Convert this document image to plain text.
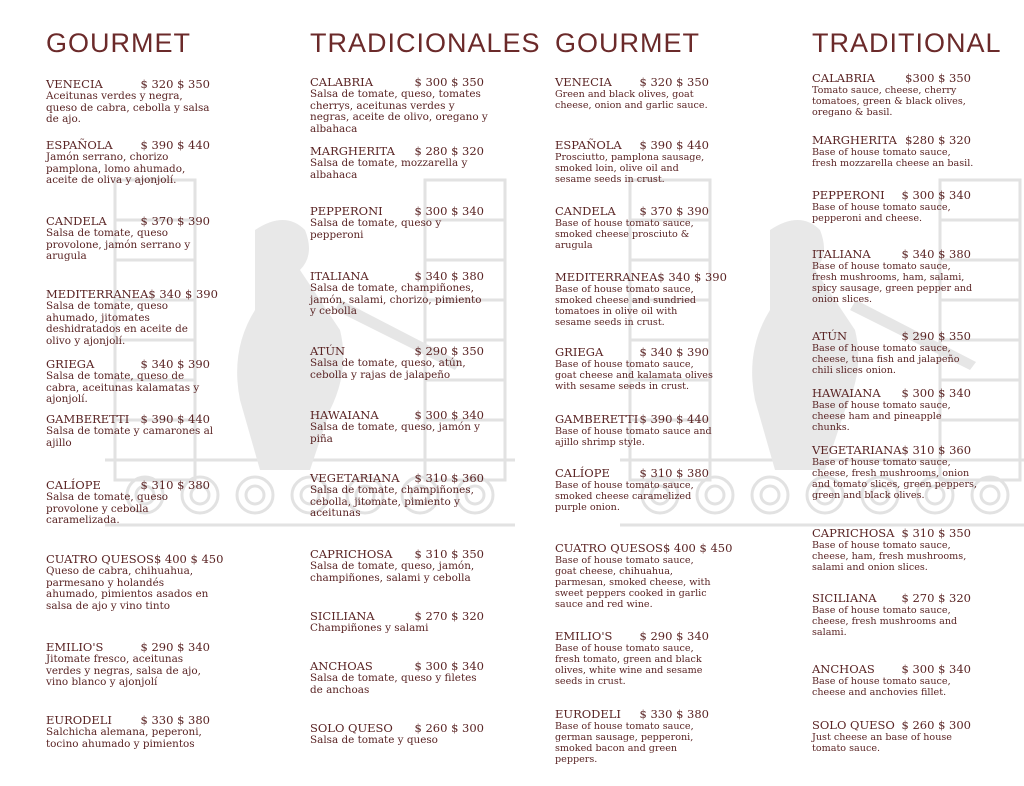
GOURMET
VENECIA	$ 320 $ 350
Aceitunas verdes y negra, queso de cabra, cebolla y salsa de ajo.
ESPAÑOLA $ 390 $ 440
Jamón serrano, chorizo pamplona, lomo ahumado, aceite de oliva y ajonjolí.
CANDELA	$ 370 $ 390
Salsa de tomate, queso provolone, jamón serrano y arugula
MEDITERRANEA $ 340 $ 390
Salsa de tomate, queso ahumado, jitomates deshidratados en aceite de olivo y ajonjolí.
GRIEGA	$ 340 $ 390
Salsa de tomate, queso de cabra, aceitunas kalamatas y ajonjolí.
GAMBERETTI $ 390 $ 440
Salsa de tomate y camarones al ajillo
CALÍOPE	$ 310 $ 380
Salsa de tomate, queso provolone y cebolla caramelizada.
CUATRO QUESOS $ 400 $ 450
Queso de cabra, chihuahua, parmesano y holandés ahumado, pimientos asados en salsa de ajo y vino tinto
EMILIO'S	$ 290 $ 340
Jitomate fresco, aceitunas verdes y negras, salsa de ajo, vino blanco y ajonjolí
EURODELI $ 330 $ 380
Salchicha alemana, peperoni, tocino ahumado y pimientos
TRADICIONALES
CALABRIA	$ 300 $ 350
Salsa de tomate, queso, tomates cherrys, aceitunas verdes y negras, aceite de olivo, oregano y albahaca
MARGHERITA $ 280 $ 320
Salsa de tomate, mozzarella y albahaca
PEPPERONI	$ 300 $ 340
Salsa de tomate, queso y pepperoni
ITALIANA	$ 340 $ 380
Salsa de tomate, champiñones, jamón, salami, chorizo, pimiento y cebolla
ATÚN	$ 290 $ 350
Salsa de tomate, queso, atún, cebolla y rajas de jalapeño
HAWAIANA	$ 300 $ 340
Salsa de tomate, queso, jamón y piña
VEGETARIANA $ 310 $ 360
Salsa de tomate, champiñones, cebolla, jitomate, pimiento y aceitunas
CAPRICHOSA $ 310 $ 350
Salsa de tomate, queso, jamón, champiñones, salami y cebolla
SICILIANA	$ 270 $ 320
Champiñones y salami
ANCHOAS	$ 300 $ 340
Salsa de tomate, queso y filetes de anchoas
SOLO QUESO $ 260 $ 300
Salsa de tomate y queso
GOURMET
VENECIA $ 320 $ 350
Green and black olives, goat cheese, onion and garlic sauce.
ESPAÑOLA $ 390 $ 440
Prosciutto, pamplona sausage, smoked loin, olive oil and sesame seeds in crust.
CANDELA $ 370 $ 390
Base of house tomato sauce, smoked cheese prosciuto & arugula
MEDITERRANEA $ 340 $ 390
Base of house tomato sauce, smoked cheese and sundried tomatoes in olive oil with sesame seeds in crust.
GRIEGA	$ 340 $ 390
Base of house tomato sauce, goat cheese and kalamata olives with sesame seeds in crust.
GAMBERETTI $ 390 $ 440
Base of house tomato sauce and ajillo shrimp style.
CALÍOPE	$ 310 $ 380
Base of house tomato sauce, smoked cheese caramelized purple onion.
CUATRO QUESOS $ 400 $ 450
Base of house tomato sauce, goat cheese, chihuahua, parmesan, smoked cheese, with sweet peppers cooked in garlic sauce and red wine.
EMILIO'S $ 290 $ 340
Base of house tomato sauce, fresh tomato, green and black olives, white wine and sesame seeds in crust.
EURODELI $ 330 $ 380
Base of house tomato sauce, german sausage, pepperoni, smoked bacon and green peppers.
TRADITIONAL
CALABRIA	$300 $ 350
Tomato sauce, cheese, cherry tomatoes, green & black olives, oregano & basil.
MARGHERITA $280 $ 320
Base of house tomato sauce, fresh mozzarella cheese an basil.
PEPPERONI $ 300 $ 340
Base of house tomato sauce, pepperoni and cheese.
ITALIANA	$ 340 $ 380
Base of house tomato sauce, fresh mushrooms, ham, salami, spicy sausage, green pepper and onion slices.
ATÚN	$ 290 $ 350
Base of house tomato sauce, cheese, tuna fish and jalapeño chili slices onion.
HAWAIANA $ 300 $ 340
Base of house tomato sauce, cheese ham and pineapple chunks.
VEGETARIANA $ 310 $ 360
Base of house tomato sauce, cheese, fresh mushrooms, onion and tomato slices, green peppers, green and black olives.
CAPRICHOSA $ 310 $ 350
Base of house tomato sauce, cheese, ham, fresh mushrooms, salami and onion slices.
SICILIANA $ 270 $ 320
Base of house tomato sauce, cheese, fresh mushrooms and salami.
ANCHOAS $ 300 $ 340
Base of house tomato sauce, cheese and anchovies fillet.
SOLO QUESO $ 260 $ 300
Just cheese an base of house tomato sauce.
